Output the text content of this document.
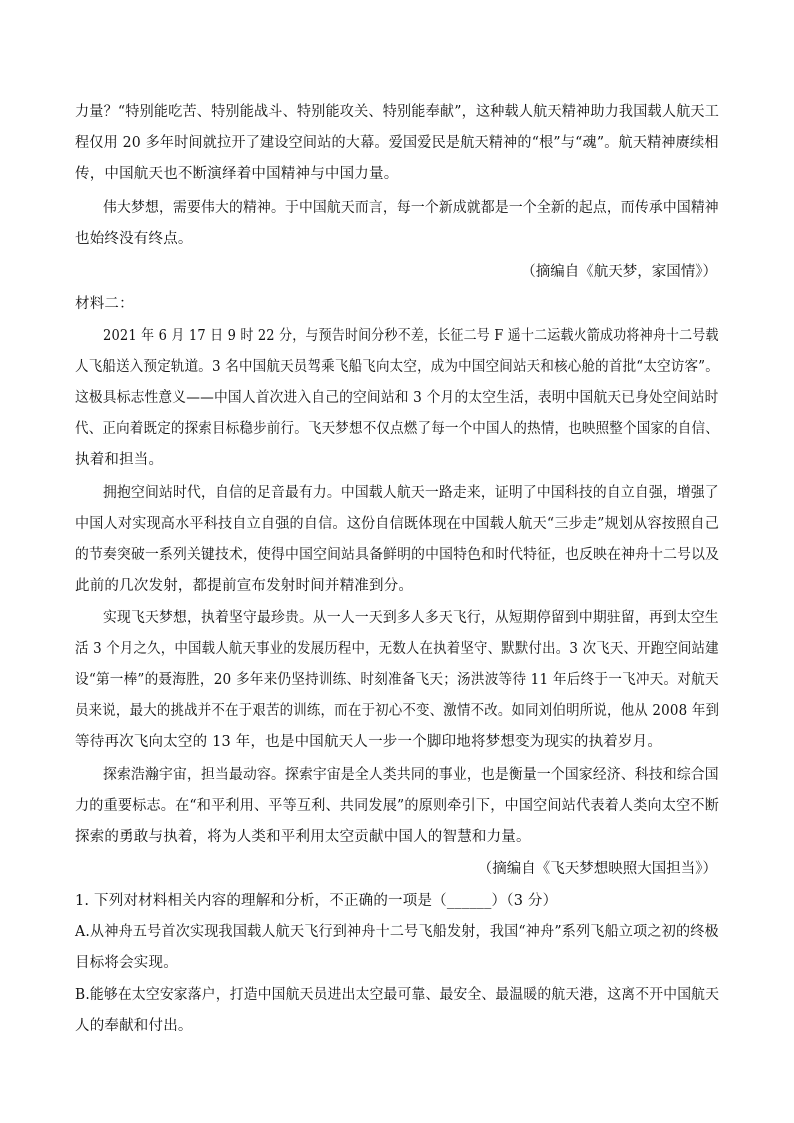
力量？“特别能吃苦、特别能战斗、特别能攻关、特别能奉献”，这种载人航天精神助力我国载人航天工
程仅用 20 多年时间就拉开了建设空间站的大幕。爱国爱民是航天精神的“根”与“魂”。航天精神赓续相
传，中国航天也不断演绎着中国精神与中国力量。
伟大梦想，需要伟大的精神。于中国航天而言，每一个新成就都是一个全新的起点，而传承中国精神
也始终没有终点。
（摘编自《航天梦，家国情》）
材料二：
2021 年 6 月 17 日 9 时 22 分，与预告时间分秒不差，长征二号 F 遥十二运载火箭成功将神舟十二号载
人飞船送入预定轨道。3 名中国航天员驾乘飞船飞向太空，成为中国空间站天和核心舱的首批“太空访客”。
这极具标志性意义——中国人首次进入自己的空间站和 3 个月的太空生活，表明中国航天已身处空间站时
代、正向着既定的探索目标稳步前行。飞天梦想不仅点燃了每一个中国人的热情，也映照整个国家的自信、
执着和担当。
拥抱空间站时代，自信的足音最有力。中国载人航天一路走来，证明了中国科技的自立自强，增强了
中国人对实现高水平科技自立自强的自信。这份自信既体现在中国载人航天“三步走”规划从容按照自己
的节奏突破一系列关键技术，使得中国空间站具备鲜明的中国特色和时代特征，也反映在神舟十二号以及
此前的几次发射，都提前宣布发射时间并精准到分。
实现飞天梦想，执着坚守最珍贵。从一人一天到多人多天飞行，从短期停留到中期驻留，再到太空生
活 3 个月之久，中国载人航天事业的发展历程中，无数人在执着坚守、默默付出。3 次飞天、开跑空间站建
设“第一棒”的聂海胜，20 多年来仍坚持训练、时刻准备飞天；汤洪波等待 11 年后终于一飞冲天。对航天
员来说，最大的挑战并不在于艰苦的训练，而在于初心不变、激情不改。如同刘伯明所说，他从 2008 年到
等待再次飞向太空的 13 年，也是中国航天人一步一个脚印地将梦想变为现实的执着岁月。
探索浩瀚宇宙，担当最动容。探索宇宙是全人类共同的事业，也是衡量一个国家经济、科技和综合国
力的重要标志。在“和平利用、平等互利、共同发展”的原则牵引下，中国空间站代表着人类向太空不断
探索的勇敢与执着，将为人类和平利用太空贡献中国人的智慧和力量。
（摘编自《飞天梦想映照大国担当》）
1. 下列对材料相关内容的理解和分析，不正确的一项是（______）（3 分）
A.从神舟五号首次实现我国载人航天飞行到神舟十二号飞船发射，我国“神舟”系列飞船立项之初的终极
目标将会实现。
B.能够在太空安家落户，打造中国航天员进出太空最可靠、最安全、最温暖的航天港，这离不开中国航天
人的奉献和付出。
